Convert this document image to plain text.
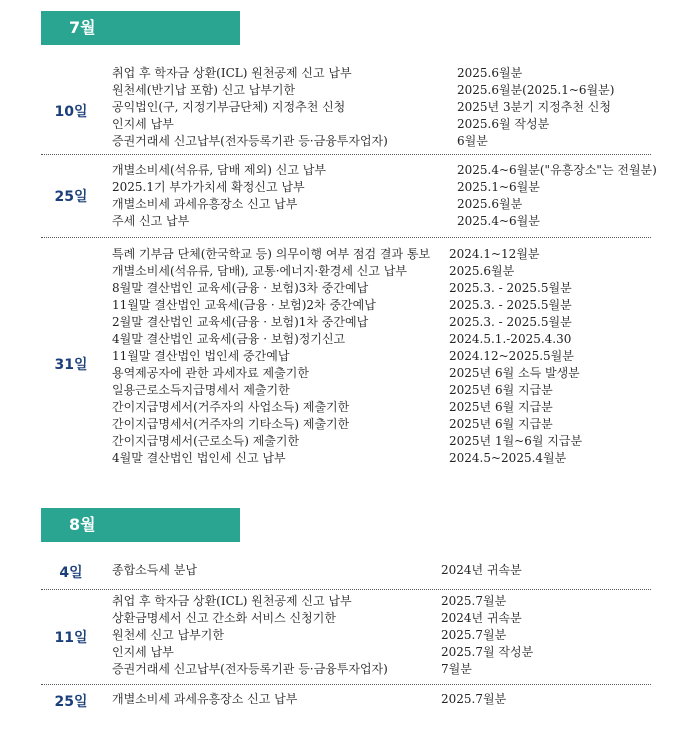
7월
10일
취업 후 학자금 상환(ICL) 원천공제 신고 납부	2025.6월분
원천세(반기납 포함) 신고 납부기한	2025.6월분(2025.1~6월분)
공익법인(구, 지정기부금단체) 지정추천 신청	2025년 3분기 지정추천 신청
인지세 납부	2025.6월 작성분
증권거래세 신고납부(전자등록기관 등·금융투자업자)	6월분
25일
개별소비세(석유류, 담배 제외) 신고 납부	2025.4~6월분("유흥장소"는 전월분)
2025.1기 부가가치세 확정신고 납부	2025.1~6월분
개별소비세 과세유흥장소 신고 납부	2025.6월분
주세 신고 납부	2025.4~6월분
31일
특례 기부금 단체(한국학교 등) 의무이행 여부 점검 결과 통보 2024.1~12월분
개별소비세(석유류, 담배), 교통·에너지·환경세 신고 납부	2025.6월분
8월말 결산법인 교육세(금융 · 보험)3차 중간예납	2025.3. - 2025.5월분
11월말 결산법인 교육세(금융 · 보험)2차 중간예납	2025.3. - 2025.5월분
2월말 결산법인 교육세(금융 · 보험)1차 중간예납	2025.3. - 2025.5월분
4월말 결산법인 교육세(금융 · 보험)정기신고	2024.5.1.-2025.4.30
11월말 결산법인 법인세 중간예납	2024.12~2025.5월분
용역제공자에 관한 과세자료 제출기한	2025년 6월 소득 발생분
일용근로소득지급명세서 제출기한	2025년 6월 지급분
간이지급명세서(거주자의 사업소득) 제출기한	2025년 6월 지급분
간이지급명세서(거주자의 기타소득) 제출기한	2025년 6월 지급분
간이지급명세서(근로소득) 제출기한	2025년 1월~6월 지급분
4월말 결산법인 법인세 신고 납부	2024.5~2025.4월분
8월
4일	종합소득세 분납	2024년 귀속분
11일
취업 후 학자금 상환(ICL) 원천공제 신고 납부	2025.7월분
상환금명세서 신고 간소화 서비스 신청기한	2024년 귀속분
원천세 신고 납부기한	2025.7월분
인지세 납부	2025.7월 작성분
증권거래세 신고납부(전자등록기관 등·금융투자업자)	7월분
25일	개별소비세 과세유흥장소 신고 납부	2025.7월분
